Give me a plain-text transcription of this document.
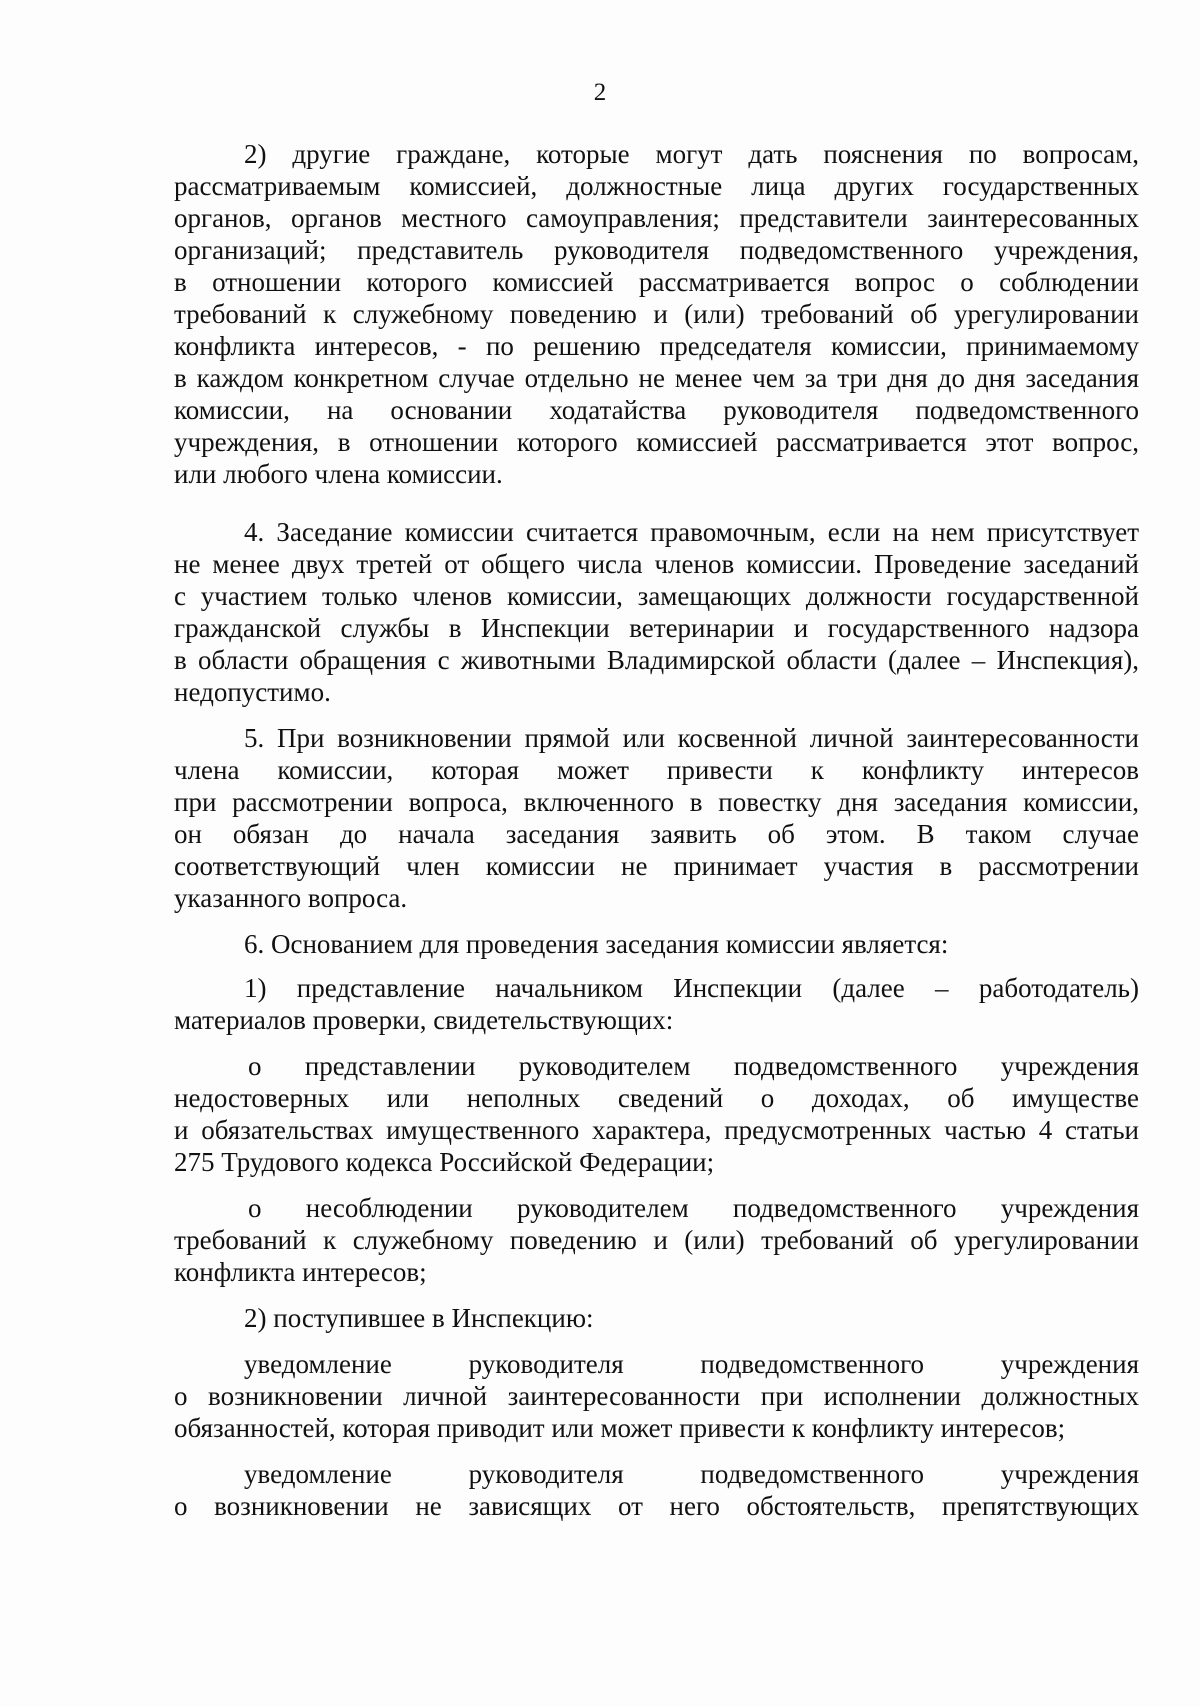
2
2) другие граждане, которые могут дать пояснения по вопросам,
рассматриваемым комиссией, должностные лица других государственных
органов, органов местного самоуправления; представители заинтересованных
организаций; представитель руководителя подведомственного учреждения,
в отношении которого комиссией рассматривается вопрос о соблюдении
требований к служебному поведению и (или) требований об урегулировании
конфликта интересов, - по решению председателя комиссии, принимаемому
в каждом конкретном случае отдельно не менее чем за три дня до дня заседания
комиссии, на основании ходатайства руководителя подведомственного
учреждения, в отношении которого комиссией рассматривается этот вопрос,
или любого члена комиссии.
4. Заседание комиссии считается правомочным, если на нем присутствует
не менее двух третей от общего числа членов комиссии. Проведение заседаний
с участием только членов комиссии, замещающих должности государственной
гражданской службы в Инспекции ветеринарии и государственного надзора
в области обращения с животными Владимирской области (далее – Инспекция),
недопустимо.
5. При возникновении прямой или косвенной личной заинтересованности
члена комиссии, которая может привести к конфликту интересов
при рассмотрении вопроса, включенного в повестку дня заседания комиссии,
он обязан до начала заседания заявить об этом. В таком случае
соответствующий член комиссии не принимает участия в рассмотрении
указанного вопроса.
6. Основанием для проведения заседания комиссии является:
1) представление начальником Инспекции (далее – работодатель)
материалов проверки, свидетельствующих:
о представлении руководителем подведомственного учреждения
недостоверных или неполных сведений о доходах, об имуществе
и обязательствах имущественного характера, предусмотренных частью 4 статьи
275 Трудового кодекса Российской Федерации;
о несоблюдении руководителем подведомственного учреждения
требований к служебному поведению и (или) требований об урегулировании
конфликта интересов;
2) поступившее в Инспекцию:
уведомление руководителя подведомственного учреждения
о возникновении личной заинтересованности при исполнении должностных
обязанностей, которая приводит или может привести к конфликту интересов;
уведомление руководителя подведомственного учреждения
о возникновении не зависящих от него обстоятельств, препятствующих
